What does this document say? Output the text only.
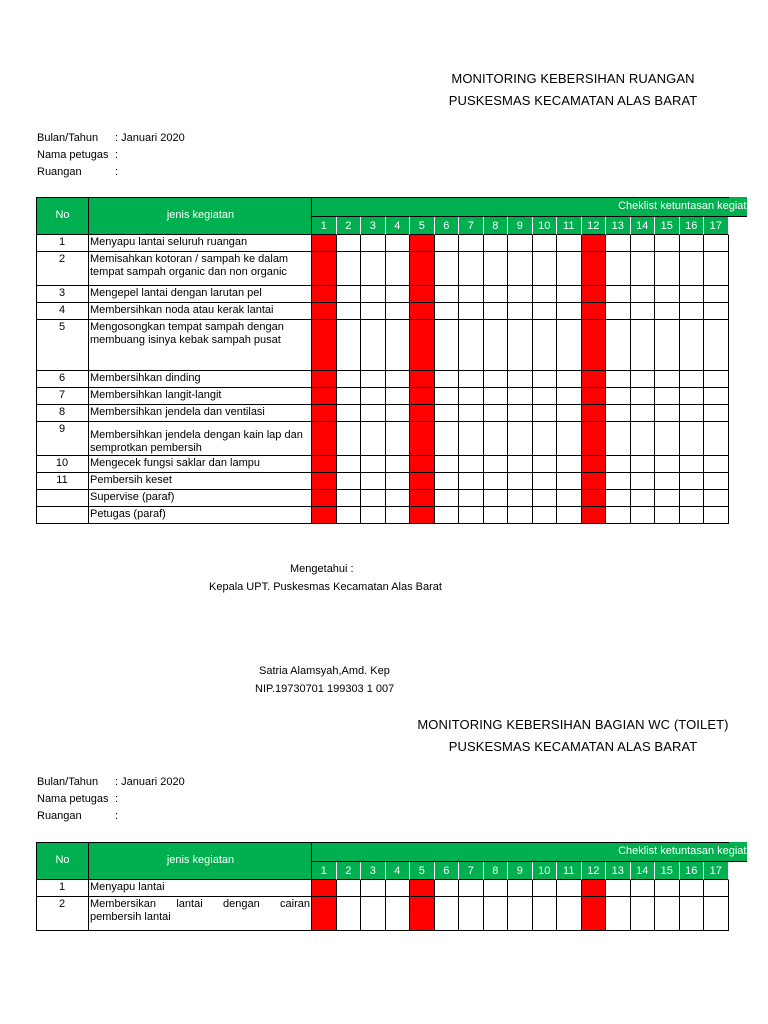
MONITORING KEBERSIHAN RUANGAN
PUSKESMAS KECAMATAN ALAS BARAT
Bulan/Tahun : Januari 2020
Nama petugas :
Ruangan	:
No	jenis kegiatan
Cheklist ketuntasan kegiat
1	2	3	4	5	6	7	8	9	10	11	12	13	14	15	16	17
1	Menyapu lantai seluruh ruangan
2	Memisahkan kotoran / sampah ke dalam tempat sampah organic dan non organic
3	Mengepel lantai dengan larutan pel
4	Membersihkan noda atau kerak lantai
5	Mengosongkan tempat sampah dengan membuang isinya kebak sampah pusat
6	Membersihkan dinding
7	Membersihkan langit-langit
8	Membersihkan jendela dan ventilasi
9	Membersihkan jendela dengan kain lap dan semprotkan pembersih
10	Mengecek fungsi saklar dan lampu
11	Pembersih keset
Supervise (paraf)
Petugas (paraf)
Mengetahui :
Kepala UPT. Puskesmas Kecamatan Alas Barat
Satria Alamsyah,Amd. Kep
NIP.19730701 199303 1 007
MONITORING KEBERSIHAN BAGIAN WC (TOILET)
PUSKESMAS KECAMATAN ALAS BARAT
Bulan/Tahun : Januari 2020
Nama petugas :
Ruangan	:
No	jenis kegiatan
Cheklist ketuntasan kegiat
1	2	3	4	5	6	7	8	9	10	11	12	13	14	15	16	17
1	Menyapu lantai
2	Membersikan lantai dengan cairan pembersih lantai
